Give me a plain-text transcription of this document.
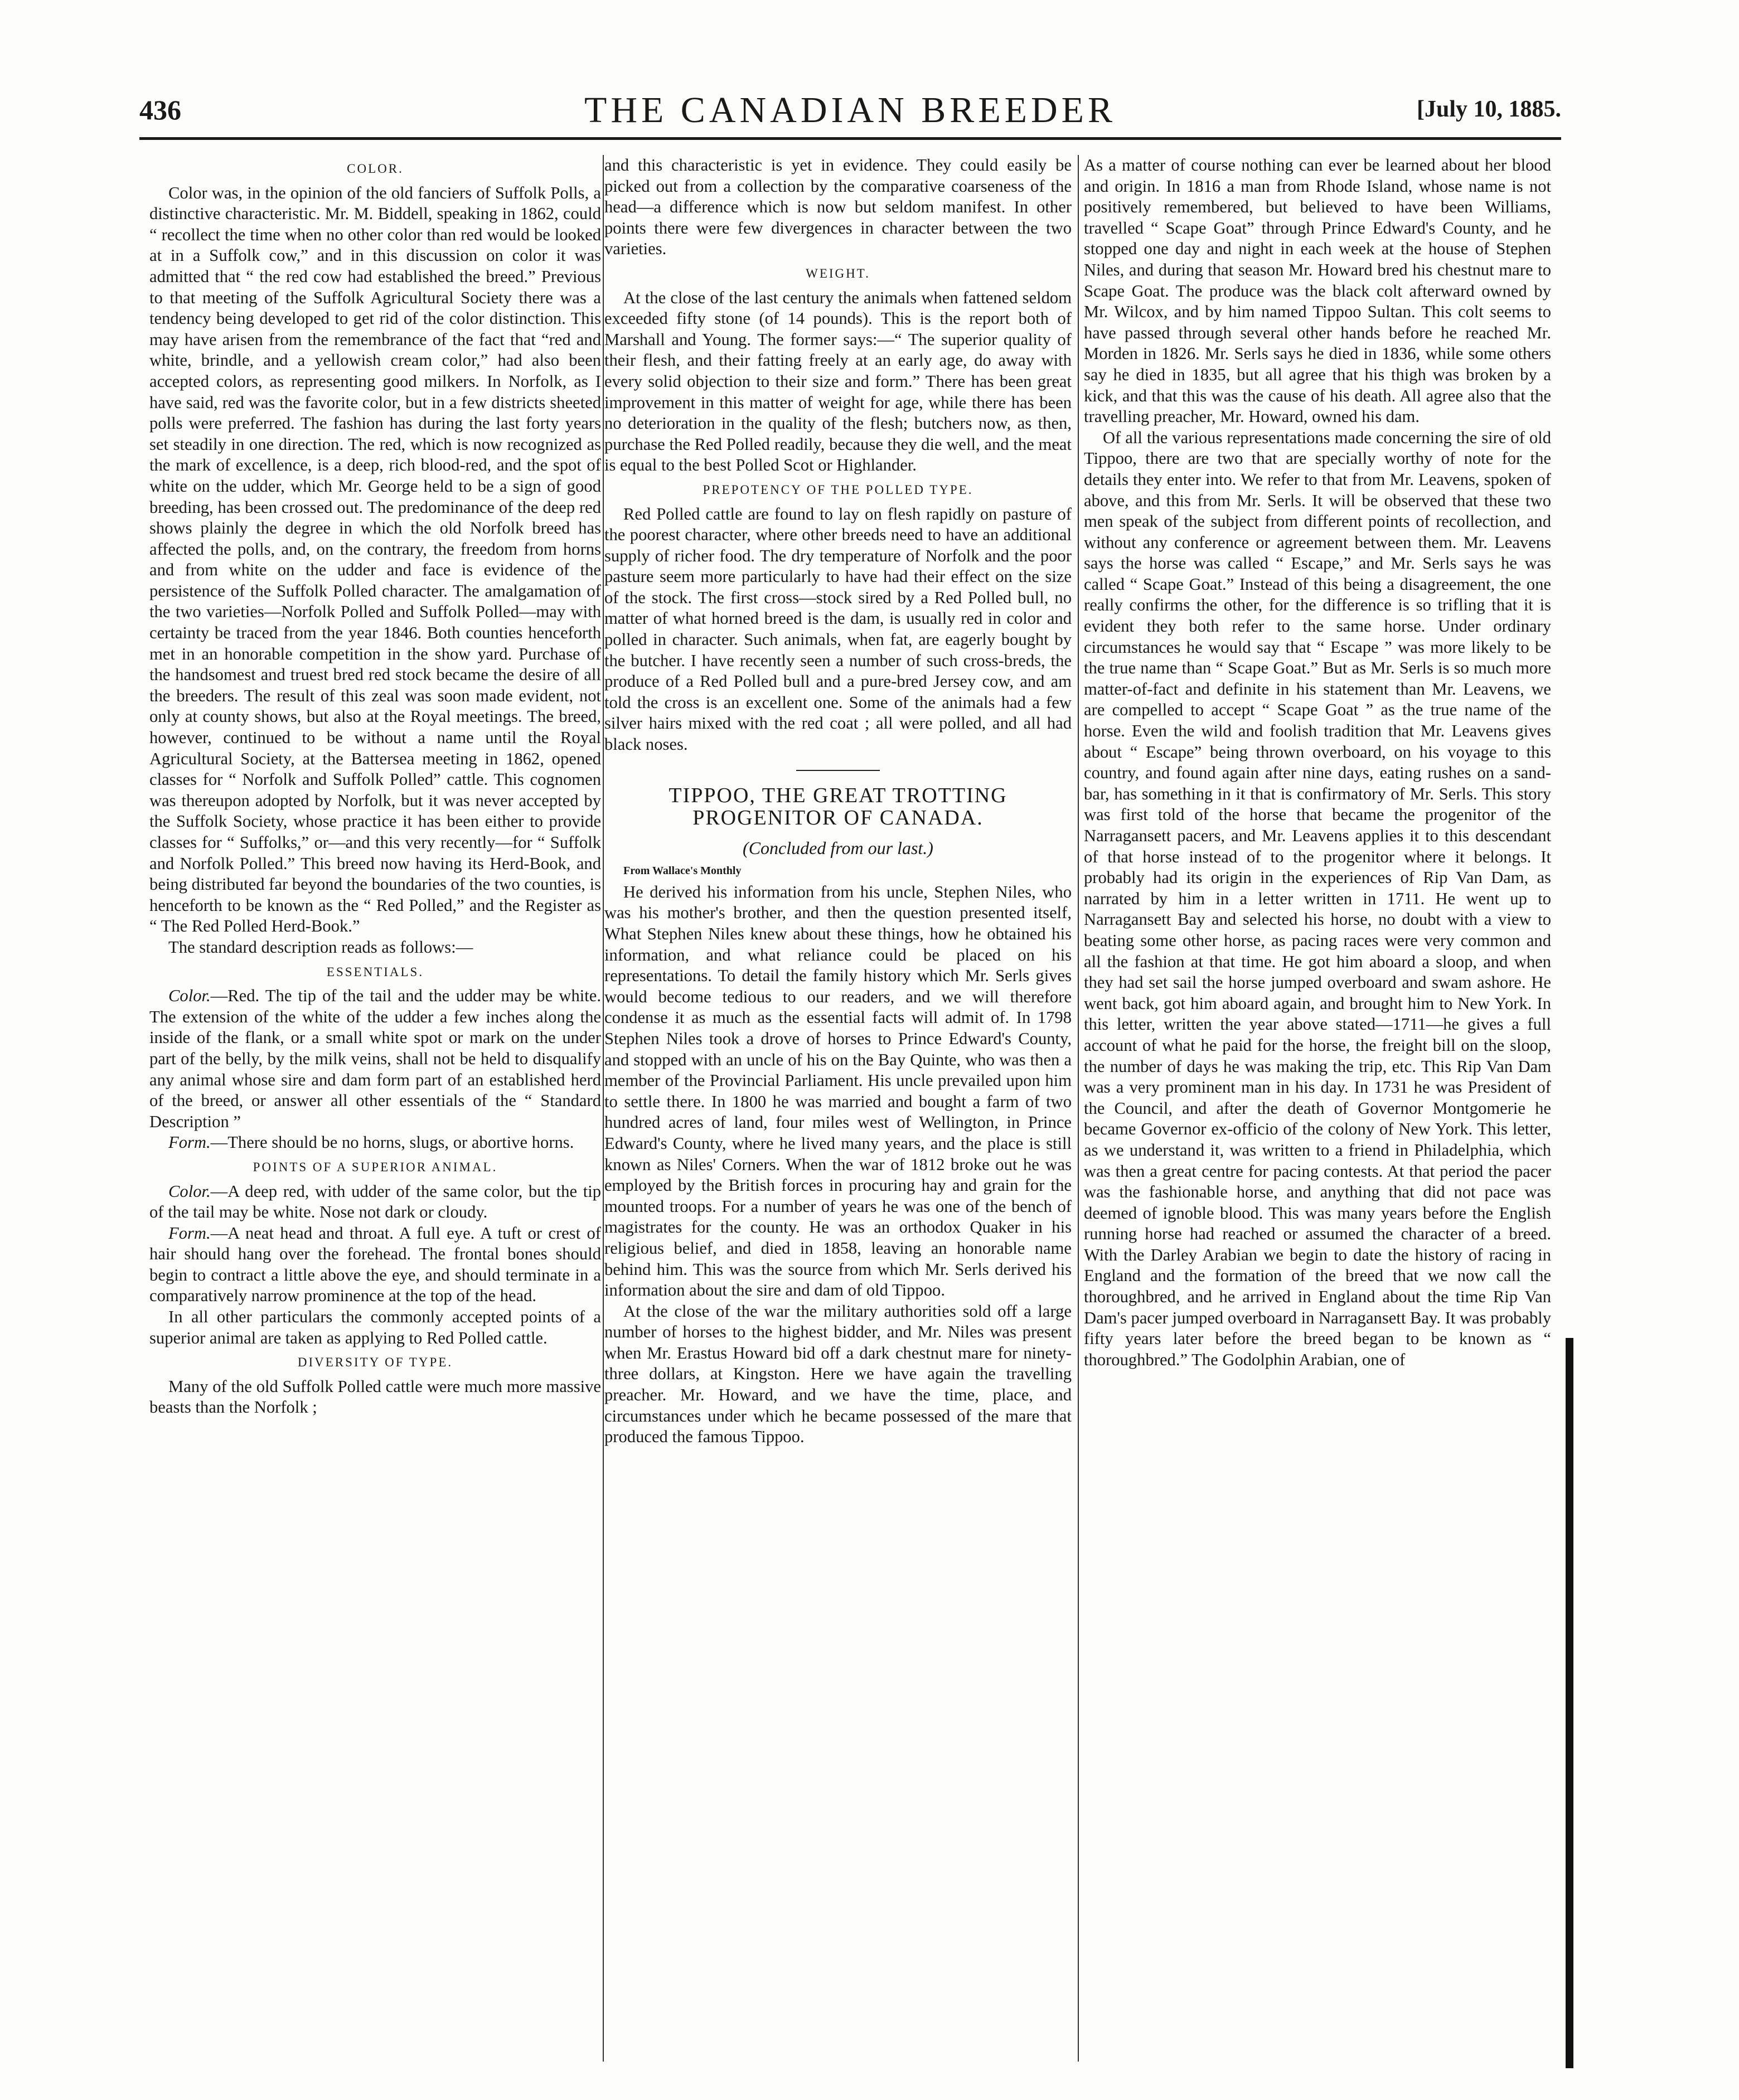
436	THE CANADIAN BREEDER	[July 10, 1885.
COLOR.

Color was, in the opinion of the old fanciers of Suffolk Polls, a distinctive characteristic. Mr. M. Biddell, speaking in 1862, could “ recollect the time when no other color than red would be looked at in a Suffolk cow,” and in this discussion on color it was admitted that “ the red cow had established the breed.” Previous to that meeting of the Suffolk Agricultural Society there was a tendency being developed to get rid of the color distinction. This may have arisen from the remembrance of the fact that “red and white, brindle, and a yellowish cream color,” had also been accepted colors, as representing good milkers. In Norfolk, as I have said, red was the favorite color, but in a few districts sheeted polls were preferred. The fashion has during the last forty years set steadily in one direction. The red, which is now recognized as the mark of excellence, is a deep, rich blood-red, and the spot of white on the udder, which Mr. George held to be a sign of good breeding, has been crossed out. The predominance of the deep red shows plainly the degree in which the old Norfolk breed has affected the polls, and, on the contrary, the freedom from horns and from white on the udder and face is evidence of the persistence of the Suffolk Polled character. The amalgamation of the two varieties—Norfolk Polled and Suffolk Polled—may with certainty be traced from the year 1846. Both counties henceforth met in an honorable competition in the show yard. Purchase of the handsomest and truest bred red stock became the desire of all the breeders. The result of this zeal was soon made evident, not only at county shows, but also at the Royal meetings. The breed, however, continued to be without a name until the Royal Agricultural Society, at the Battersea meeting in 1862, opened classes for “ Norfolk and Suffolk Polled” cattle. This cognomen was thereupon adopted by Norfolk, but it was never accepted by the Suffolk Society, whose practice it has been either to provide classes for “ Suffolks,” or—and this very recently—for “ Suffolk and Norfolk Polled.” This breed now having its Herd-Book, and being distributed far beyond the boundaries of the two counties, is henceforth to be known as the “ Red Polled,” and the Register as “ The Red Polled Herd-Book.”

The standard description reads as follows:—

ESSENTIALS.

Color.—Red. The tip of the tail and the udder may be white. The extension of the white of the udder a few inches along the inside of the flank, or a small white spot or mark on the under part of the belly, by the milk veins, shall not be held to disqualify any animal whose sire and dam form part of an established herd of the breed, or answer all other essentials of the “ Standard Description ”

Form.—There should be no horns, slugs, or abortive horns.

POINTS OF A SUPERIOR ANIMAL.

Color.—A deep red, with udder of the same color, but the tip of the tail may be white. Nose not dark or cloudy.

Form.—A neat head and throat. A full eye. A tuft or crest of hair should hang over the forehead. The frontal bones should begin to contract a little above the eye, and should terminate in a comparatively narrow prominence at the top of the head.

In all other particulars the commonly accepted points of a superior animal are taken as applying to Red Polled cattle.

DIVERSITY OF TYPE.

Many of the old Suffolk Polled cattle were much more massive beasts than the Norfolk ;

and this characteristic is yet in evidence. They could easily be picked out from a collection by the comparative coarseness of the head—a difference which is now but seldom manifest. In other points there were few divergences in character between the two varieties.

WEIGHT.

At the close of the last century the animals when fattened seldom exceeded fifty stone (of 14 pounds). This is the report both of Marshall and Young. The former says:—“ The superior quality of their flesh, and their fatting freely at an early age, do away with every solid objection to their size and form.” There has been great improvement in this matter of weight for age, while there has been no deterioration in the quality of the flesh; butchers now, as then, purchase the Red Polled readily, because they die well, and the meat is equal to the best Polled Scot or Highlander.

PREPOTENCY OF THE POLLED TYPE.

Red Polled cattle are found to lay on flesh rapidly on pasture of the poorest character, where other breeds need to have an additional supply of richer food. The dry temperature of Norfolk and the poor pasture seem more particularly to have had their effect on the size of the stock. The first cross—stock sired by a Red Polled bull, no matter of what horned breed is the dam, is usually red in color and polled in character. Such animals, when fat, are eagerly bought by the butcher. I have recently seen a number of such cross-breds, the produce of a Red Polled bull and a pure-bred Jersey cow, and am told the cross is an excellent one. Some of the animals had a few silver hairs mixed with the red coat ; all were polled, and all had black noses.

TIPPOO, THE GREAT TROTTING PROGENITOR OF CANADA.
(Concluded from our last.)

From Wallace's Monthly

He derived his information from his uncle, Stephen Niles, who was his mother's brother, and then the question presented itself, What Stephen Niles knew about these things, how he obtained his information, and what reliance could be placed on his representations. To detail the family history which Mr. Serls gives would become tedious to our readers, and we will therefore condense it as much as the essential facts will admit of. In 1798 Stephen Niles took a drove of horses to Prince Edward's County, and stopped with an uncle of his on the Bay Quinte, who was then a member of the Provincial Parliament. His uncle prevailed upon him to settle there. In 1800 he was married and bought a farm of two hundred acres of land, four miles west of Wellington, in Prince Edward's County, where he lived many years, and the place is still known as Niles' Corners. When the war of 1812 broke out he was employed by the British forces in procuring hay and grain for the mounted troops. For a number of years he was one of the bench of magistrates for the county. He was an orthodox Quaker in his religious belief, and died in 1858, leaving an honorable name behind him. This was the source from which Mr. Serls derived his information about the sire and dam of old Tippoo.

At the close of the war the military authorities sold off a large number of horses to the highest bidder, and Mr. Niles was present when Mr. Erastus Howard bid off a dark chestnut mare for ninety-three dollars, at Kingston. Here we have again the travelling preacher. Mr. Howard, and we have the time, place, and circumstances under which he became possessed of the mare that produced the famous Tippoo.

As a matter of course nothing can ever be learned about her blood and origin. In 1816 a man from Rhode Island, whose name is not positively remembered, but believed to have been Williams, travelled “ Scape Goat” through Prince Edward's County, and he stopped one day and night in each week at the house of Stephen Niles, and during that season Mr. Howard bred his chestnut mare to Scape Goat. The produce was the black colt afterward owned by Mr. Wilcox, and by him named Tippoo Sultan. This colt seems to have passed through several other hands before he reached Mr. Morden in 1826. Mr. Serls says he died in 1836, while some others say he died in 1835, but all agree that his thigh was broken by a kick, and that this was the cause of his death. All agree also that the travelling preacher, Mr. Howard, owned his dam.

Of all the various representations made concerning the sire of old Tippoo, there are two that are specially worthy of note for the details they enter into. We refer to that from Mr. Leavens, spoken of above, and this from Mr. Serls. It will be observed that these two men speak of the subject from different points of recollection, and without any conference or agreement between them. Mr. Leavens says the horse was called “ Escape,” and Mr. Serls says he was called “ Scape Goat.” Instead of this being a disagreement, the one really confirms the other, for the difference is so trifling that it is evident they both refer to the same horse. Under ordinary circumstances he would say that “ Escape ” was more likely to be the true name than “ Scape Goat.” But as Mr. Serls is so much more matter-of-fact and definite in his statement than Mr. Leavens, we are compelled to accept “ Scape Goat ” as the true name of the horse. Even the wild and foolish tradition that Mr. Leavens gives about “ Escape” being thrown overboard, on his voyage to this country, and found again after nine days, eating rushes on a sand-bar, has something in it that is confirmatory of Mr. Serls. This story was first told of the horse that became the progenitor of the Narragansett pacers, and Mr. Leavens applies it to this descendant of that horse instead of to the progenitor where it belongs. It probably had its origin in the experiences of Rip Van Dam, as narrated by him in a letter written in 1711. He went up to Narragansett Bay and selected his horse, no doubt with a view to beating some other horse, as pacing races were very common and all the fashion at that time. He got him aboard a sloop, and when they had set sail the horse jumped overboard and swam ashore. He went back, got him aboard again, and brought him to New York. In this letter, written the year above stated—1711—he gives a full account of what he paid for the horse, the freight bill on the sloop, the number of days he was making the trip, etc. This Rip Van Dam was a very prominent man in his day. In 1731 he was President of the Council, and after the death of Governor Montgomerie he became Governor ex-officio of the colony of New York. This letter, as we understand it, was written to a friend in Philadelphia, which was then a great centre for pacing contests. At that period the pacer was the fashionable horse, and anything that did not pace was deemed of ignoble blood. This was many years before the English running horse had reached or assumed the character of a breed. With the Darley Arabian we begin to date the history of racing in England and the formation of the breed that we now call the thoroughbred, and he arrived in England about the time Rip Van Dam's pacer jumped overboard in Narragansett Bay. It was probably fifty years later before the breed began to be known as “ thoroughbred.” The Godolphin Arabian, one of
